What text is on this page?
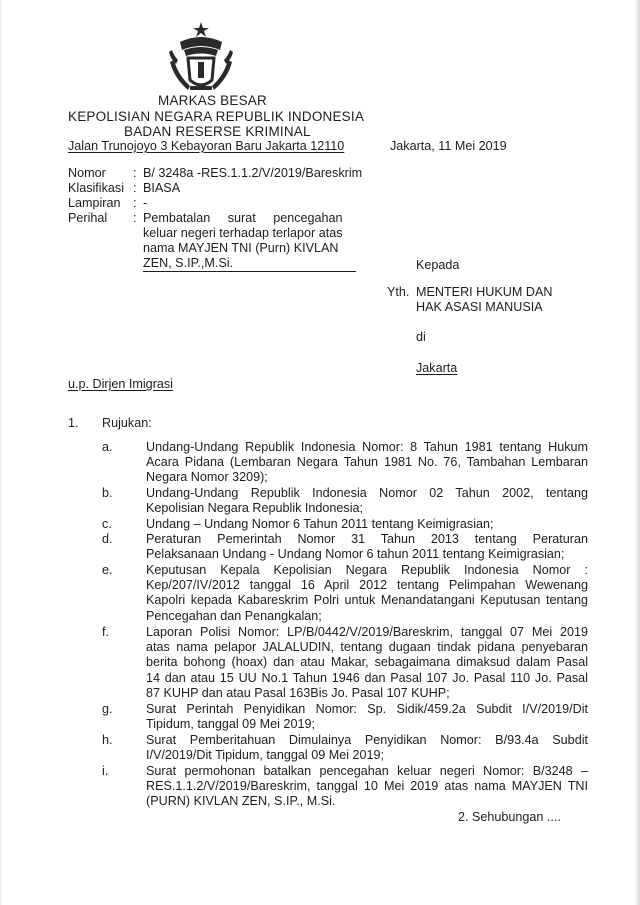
MARKAS BESAR
KEPOLISIAN NEGARA REPUBLIK INDONESIA
BADAN RESERSE KRIMINAL
Jalan Trunojoyo 3 Kebayoran Baru Jakarta 12110	Jakarta, 11 Mei 2019
Nomor : B/ 3248a -RES.1.1.2/V/2019/Bareskrim
Klasifikasi : BIASA
Lampiran : -
Perihal : Pembatalan     surat     pencegahan
keluar negeri terhadap terlapor atas
nama MAYJEN TNI (Purn) KIVLAN
ZEN, S.IP.,M.Si.	Kepada
Yth. MENTERI HUKUM DAN
HAK ASASI MANUSIA
di
Jakarta
u.p. Dirjen Imigrasi
1. Rujukan:
a.	Undang-Undang Republik Indonesia Nomor: 8 Tahun 1981 tentang Hukum
Acara Pidana (Lembaran Negara Tahun 1981 No. 76, Tambahan Lembaran
Negara Nomor 3209);
b.	Undang-Undang Republik Indonesia Nomor 02 Tahun 2002, tentang
Kepolisian Negara Republik Indonesia;
c.	Undang – Undang Nomor 6 Tahun 2011 tentang Keimigrasian;
d.	Peraturan Pemerintah Nomor 31 Tahun 2013 tentang Peraturan
Pelaksanaan Undang - Undang Nomor 6 tahun 2011 tentang Keimigrasian;
e.	Keputusan Kepala Kepolisian Negara Republik Indonesia Nomor :
Kep/207/IV/2012 tanggal 16 April 2012 tentang Pelimpahan Wewenang
Kapolri kepada Kabareskrim Polri untuk Menandatangani Keputusan tentang
Pencegahan dan Penangkalan;
f.	Laporan Polisi Nomor: LP/B/0442/V/2019/Bareskrim, tanggal 07 Mei 2019
atas nama pelapor JALALUDIN, tentang dugaan tindak pidana penyebaran
berita bohong (hoax) dan atau Makar, sebagaimana dimaksud dalam Pasal
14 dan atau 15 UU No.1 Tahun 1946 dan Pasal 107 Jo. Pasal 110 Jo. Pasal
87 KUHP dan atau Pasal 163Bis Jo. Pasal 107 KUHP;
g.	Surat Perintah Penyidikan Nomor: Sp. Sidik/459.2a Subdit I/V/2019/Dit
Tipidum, tanggal 09 Mei 2019;
h.	Surat Pemberitahuan Dimulainya Penyidikan Nomor: B/93.4a Subdit
I/V/2019/Dit Tipidum, tanggal 09 Mei 2019;
i.	Surat permohonan batalkan pencegahan keluar negeri Nomor: B/3248 –
RES.1.1.2/V/2019/Bareskrim, tanggal 10 Mei 2019 atas nama MAYJEN TNI
(PURN) KIVLAN ZEN, S.IP., M.Si.
2. Sehubungan ....
